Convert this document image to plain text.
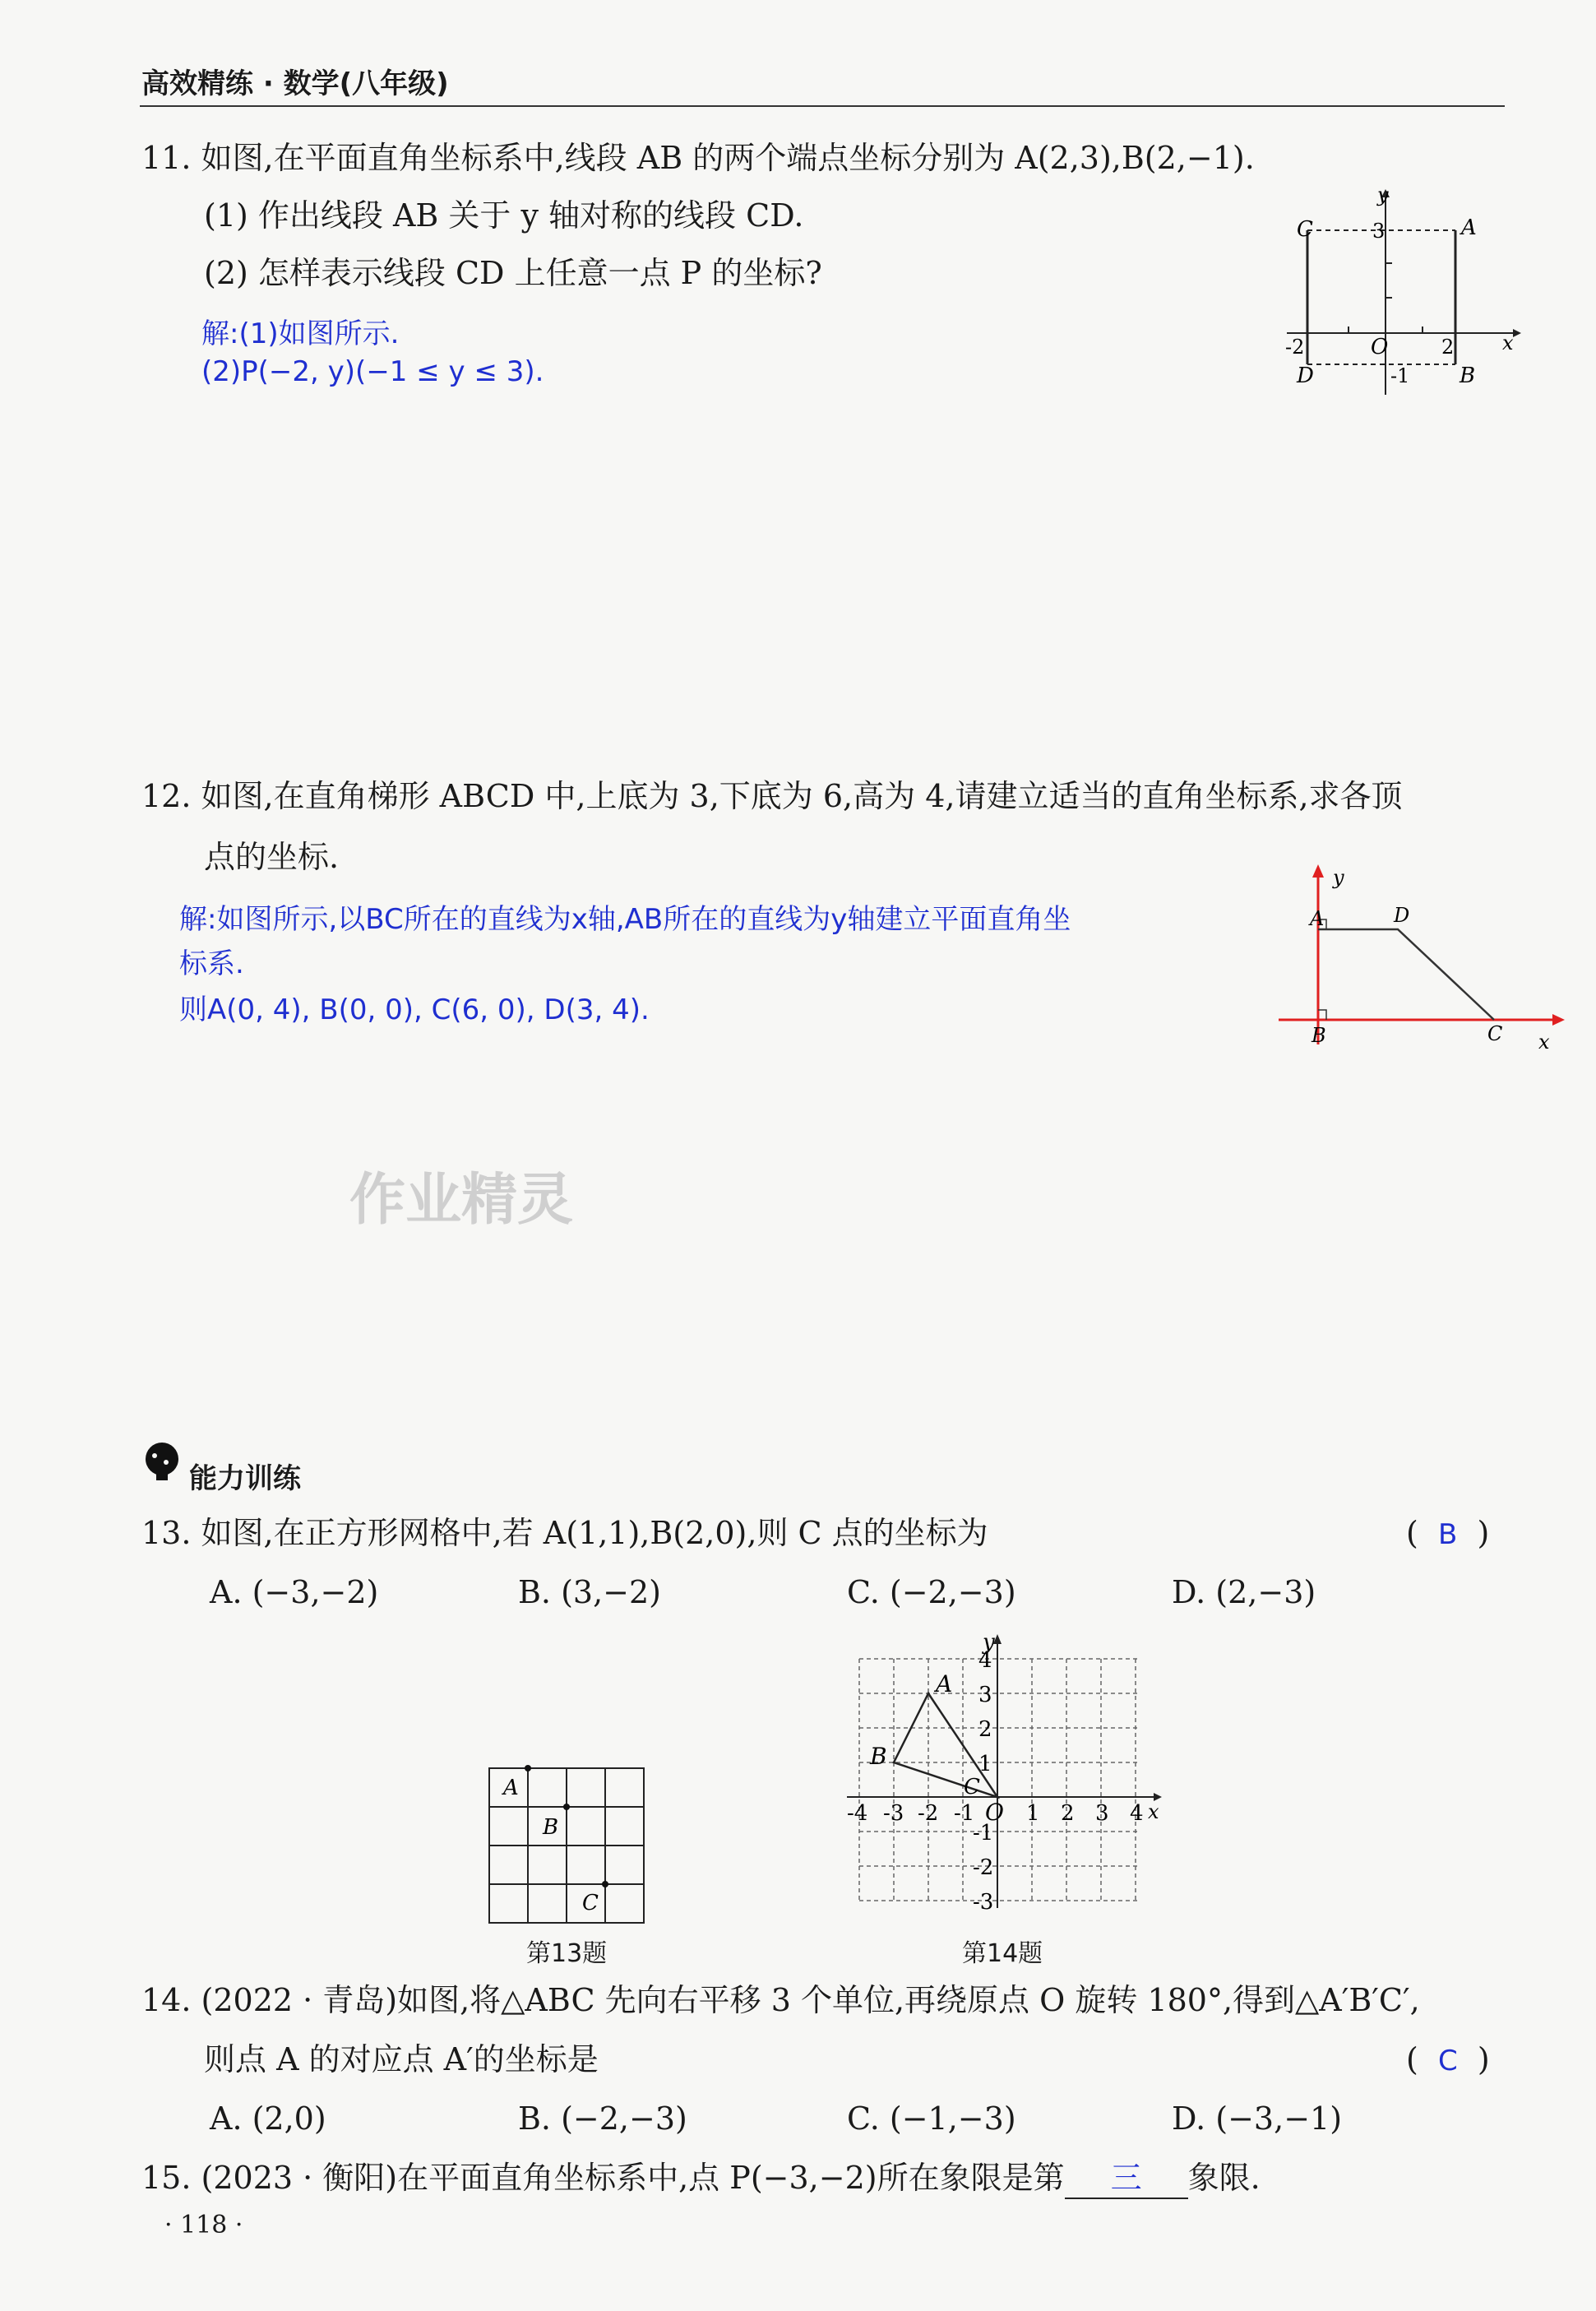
高效精练 · 数学(八年级)
11. 如图,在平面直角坐标系中,线段 AB 的两个端点坐标分别为 A(2,3),B(2,−1).
(1) 作出线段 AB 关于 y 轴对称的线段 CD.
(2) 怎样表示线段 CD 上任意一点 P 的坐标?
解:(1)如图所示.
(2)P(−2, y)(−1 ≤ y ≤ 3).
y
C	A
3
-2	O	2 x
D	-1 B
12. 如图,在直角梯形 ABCD 中,上底为 3,下底为 6,高为 4,请建立适当的直角坐标系,求各顶
点的坐标.
解:如图所示,以BC所在的直线为x轴,AB所在的直线为y轴建立平面直角坐
标系.
则A(0, 4), B(0, 0), C(6, 0), D(3, 4).
y
A	D
B	C x
作业精灵
能力训练
13. 如图,在正方形网格中,若 A(1,1),B(2,0),则 C 点的坐标为	(  B  )
A. (−3,−2)	B. (3,−2)	C. (−2,−3)	D. (2,−3)
A
B
C
第13题
y
A
B
C
O	x
-4 -3 -2 -1 1 2 3 4
4
3
2
1
-1
-2
-3
第14题
14. (2022 · 青岛)如图,将△ABC 先向右平移 3 个单位,再绕原点 O 旋转 180°,得到△A′B′C′,
则点 A 的对应点 A′的坐标是	(  C  )
A. (2,0)	B. (−2,−3)	C. (−1,−3)	D. (−3,−1)
15. (2023 · 衡阳)在平面直角坐标系中,点 P(−3,−2)所在象限是第 三 象限.
· 118 ·
